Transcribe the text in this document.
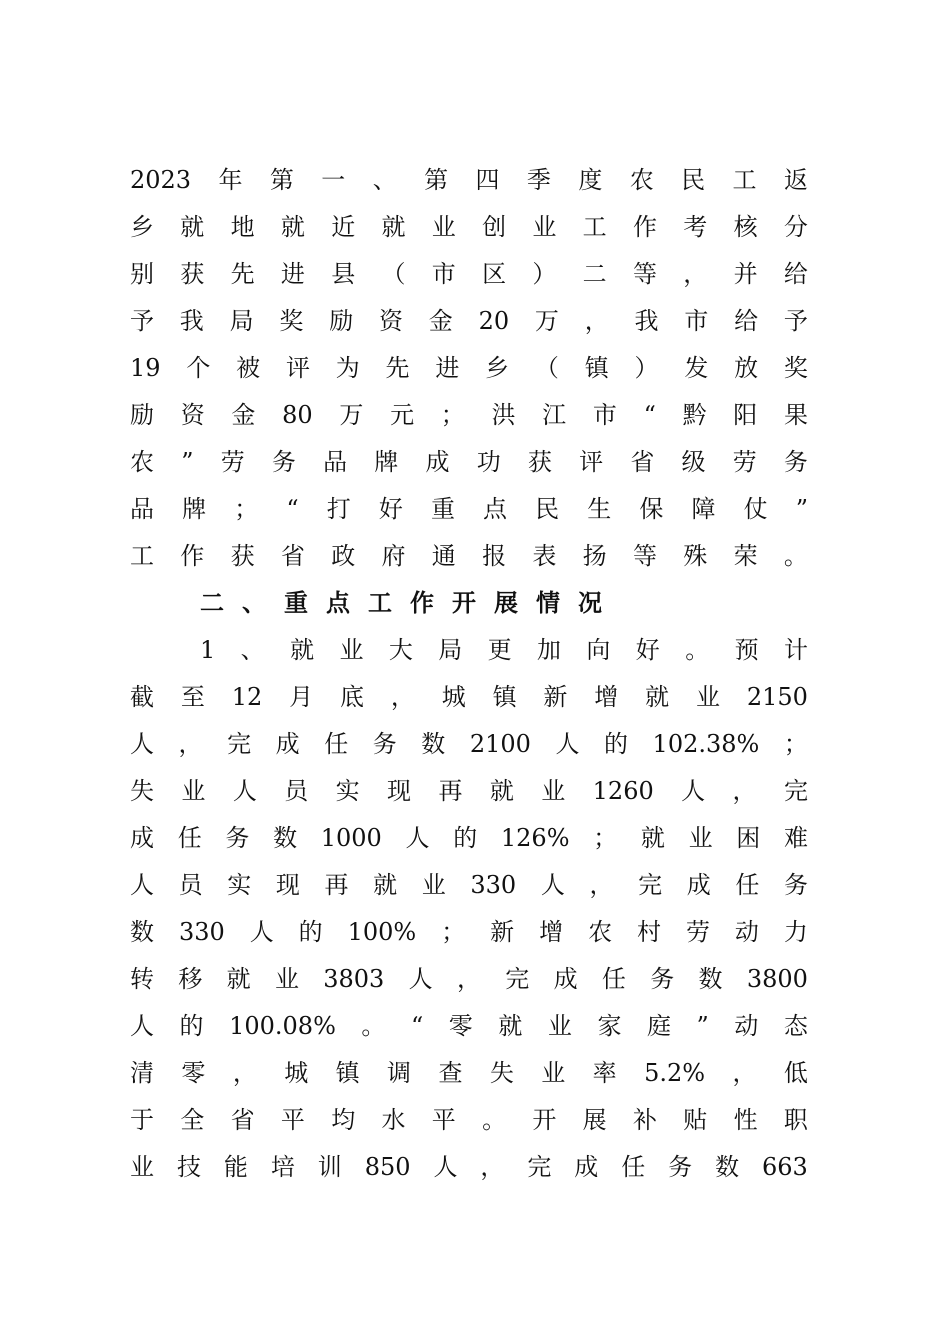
2023 年 第 一 、 第 四 季 度 农 民 工 返
乡 就 地 就 近 就 业 创 业 工 作 考 核 分
别 获 先 进 县 （ 市 区 ） 二 等 ， 并 给
予 我 局 奖 励 资 金 20 万 ， 我 市 给 予
19 个 被 评 为 先 进 乡 （ 镇 ） 发 放 奖
励 资 金 80 万 元 ； 洪 江 市 “ 黔 阳 果
农 ” 劳 务 品 牌 成 功 获 评 省 级 劳 务
品 牌 ； “ 打 好 重 点 民 生 保 障 仗 ”
工 作 获 省 政 府 通 报 表 扬 等 殊 荣 。
二、重点工作开展情况
1 、 就 业 大 局 更 加 向 好 。 预 计
截 至 12 月 底 ， 城 镇 新 增 就 业 2150
人 ， 完 成 任 务 数 2100 人 的 102.38% ；
失 业 人 员 实 现 再 就 业 1260 人 ， 完
成 任 务 数 1000 人 的 126% ； 就 业 困 难
人 员 实 现 再 就 业 330 人 ， 完 成 任 务
数 330 人 的 100% ； 新 增 农 村 劳 动 力
转 移 就 业 3803 人 ， 完 成 任 务 数 3800
人 的 100.08% 。 “ 零 就 业 家 庭 ” 动 态
清 零 ， 城 镇 调 查 失 业 率 5.2% ， 低
于 全 省 平 均 水 平 。 开 展 补 贴 性 职
业 技 能 培 训 850 人 ， 完 成 任 务 数 663
